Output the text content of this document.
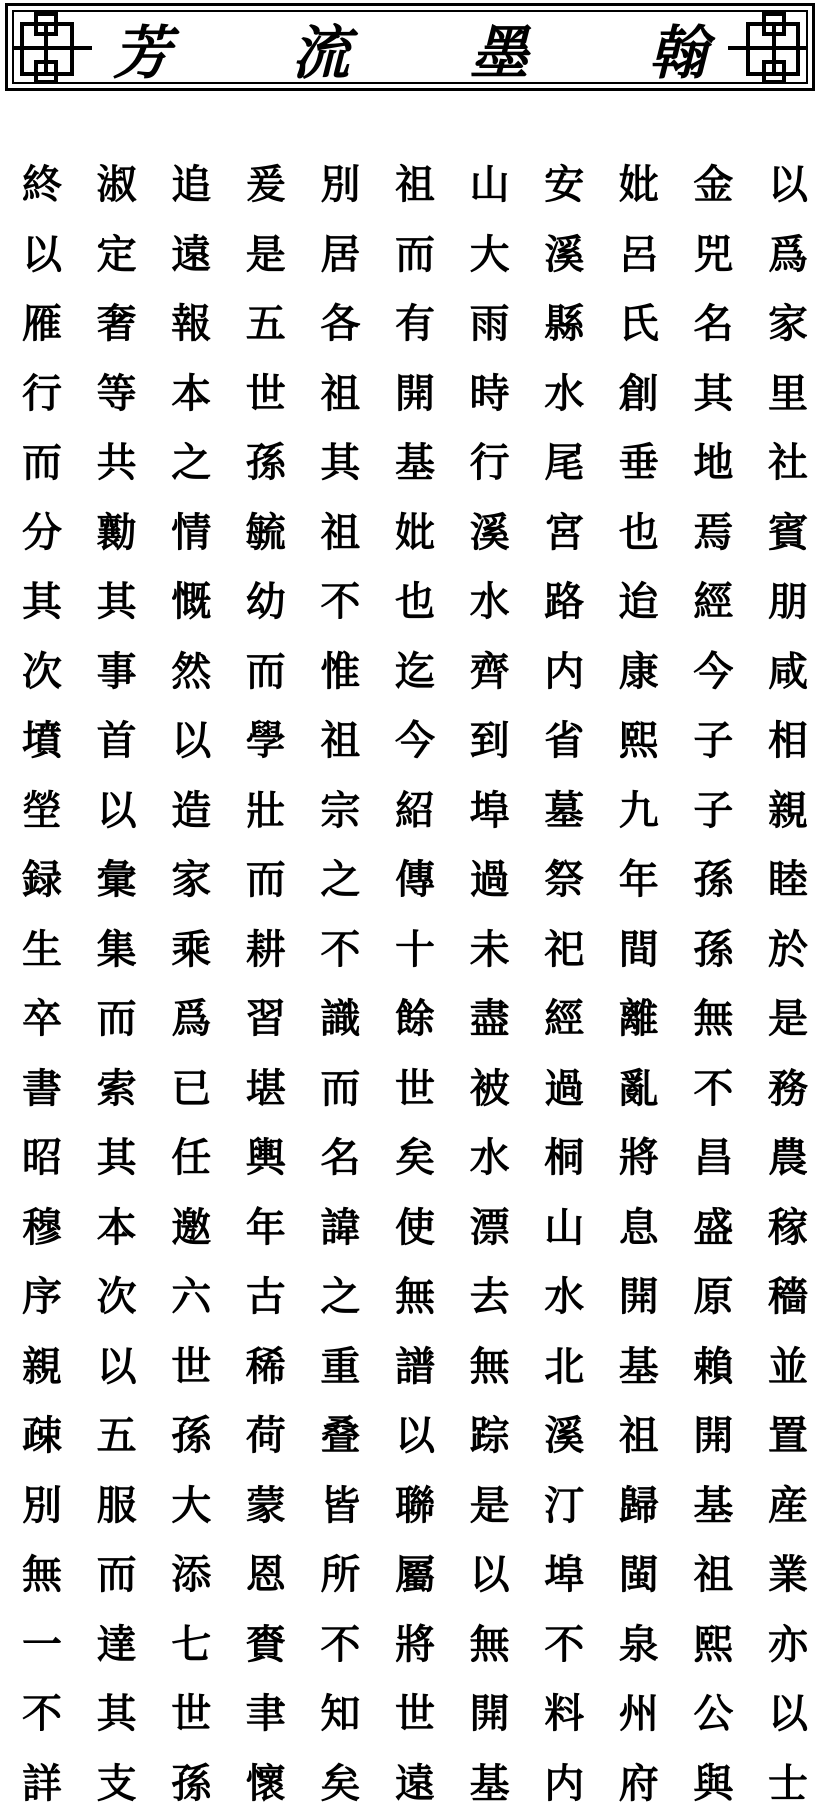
芳 流 墨 翰
以
爲
家
里
社
賓
朋
咸
相
親
睦
於
是
務
農
稼
穡
並
置
産
業
亦
以
士
金
兕
名
其
地
焉
經
今
子
子
孫
孫
無
不
昌
盛
原
賴
開
基
祖
熙
公
與
妣
呂
氏
創
垂
也
迨
康
熙
九
年
間
離
亂
將
息
開
基
祖
歸
閩
泉
州
府
安
溪
縣
水
尾
宮
路
内
省
墓
祭
祀
經
過
桐
山
水
北
溪
汀
埠
不
料
内
山
大
雨
時
行
溪
水
齊
到
埠
過
未
盡
被
水
漂
去
無
踪
是
以
無
開
基
祖
而
有
開
基
妣
也
迄
今
紹
傳
十
餘
世
矣
使
無
譜
以
聯
屬
將
世
遠
別
居
各
祖
其
祖
不
惟
祖
宗
之
不
識
而
名
諱
之
重
叠
皆
所
不
知
矣
爰
是
五
世
孫
毓
幼
而
學
壯
而
耕
習
堪
輿
年
古
稀
荷
蒙
恩
賚
聿
懷
追
遠
報
本
之
情
慨
然
以
造
家
乘
爲
已
任
邀
六
世
孫
大
添
七
世
孫
淑
定
奢
等
共
勷
其
事
首
以
彙
集
而
索
其
本
次
以
五
服
而
達
其
支
終
以
雁
行
而
分
其
次
墳
塋
録
生
卒
書
昭
穆
序
親
疎
別
無
一
不
詳
